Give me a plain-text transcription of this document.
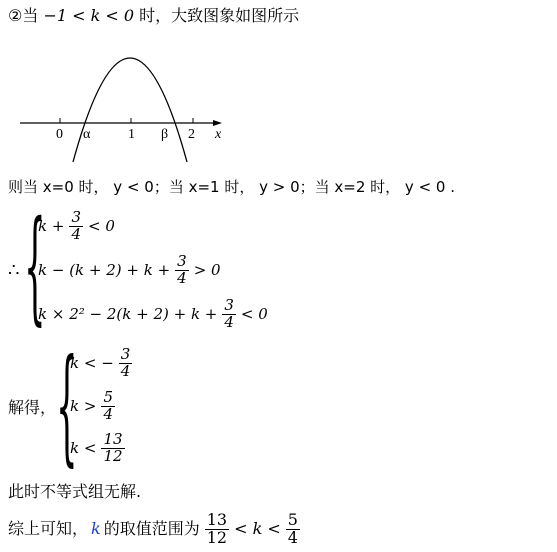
②当 −1 < k < 0 时，大致图象如图所示
0 α	1 β 2 x
则当 x=0 时， y < 0；当 x=1 时， y > 0；当 x=2 时， y < 0 .
∴ {
$k + \frac{3}{4} < 0$
$k - (k + 2) + k + \frac{3}{4} > 0$
$k \times 2^2 - 2(k + 2) + k + \frac{3}{4} < 0$
解得， {
k < − $\frac{3}{4}$
$k > \frac{5}{4}$
$k < \frac{13}{12}$
此时不等式组无解.
综上可知， k 的取值范围为 $\frac{13}{12} < k < \frac{5}{4}$
